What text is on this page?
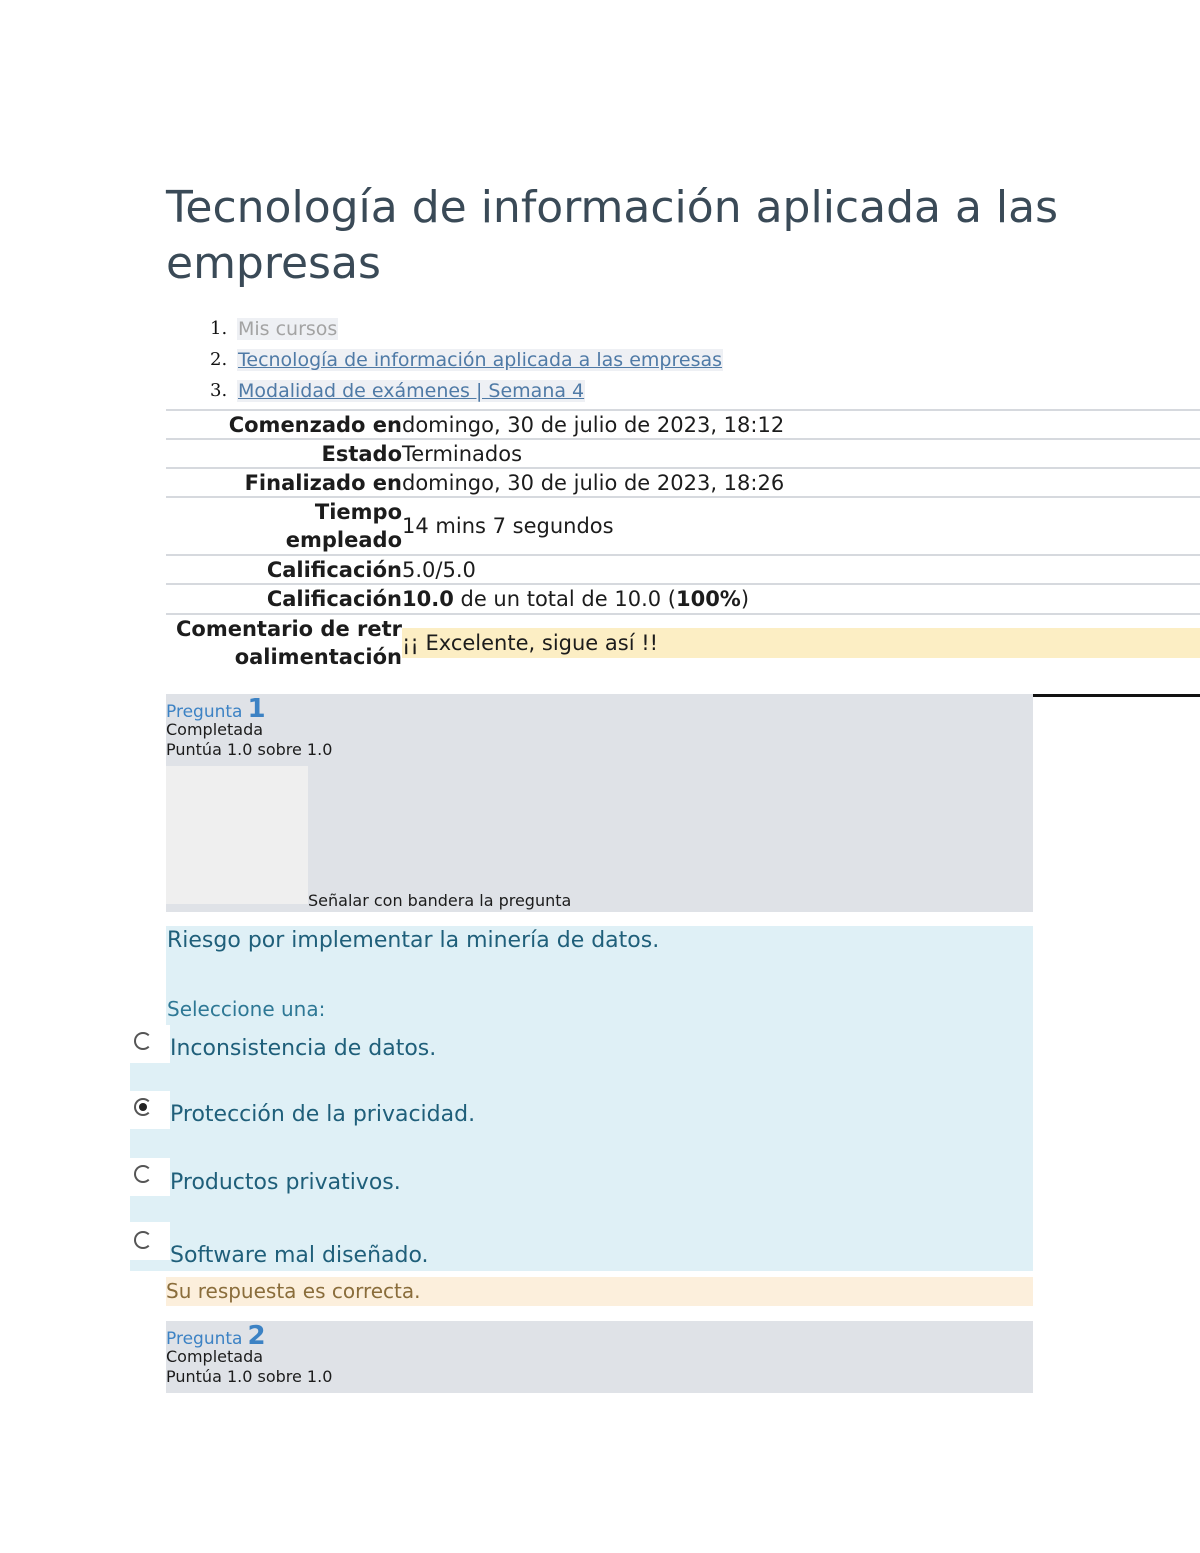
Tecnología de información aplicada a las empresas
1. Mis cursos
2. Tecnología de información aplicada a las empresas
3. Modalidad de exámenes | Semana 4
Comenzado en domingo, 30 de julio de 2023, 18:12
Estado Terminados
Finalizado en domingo, 30 de julio de 2023, 18:26
Tiempo empleado
14 mins 7 segundos
Calificación 5.0/5.0
Calificación 10.0 de un total de 10.0 ( 100% )
Comentario de retroalimentación
¡¡ Excelente, sigue así !!
Pregunta 1
Completada
Puntúa 1.0 sobre 1.0
Señalar con bandera la pregunta
Riesgo por implementar la minería de datos.
Seleccione una:
Inconsistencia de datos.
Protección de la privacidad.
Productos privativos.
Software mal diseñado.
Su respuesta es correcta.
Pregunta 2
Completada
Puntúa 1.0 sobre 1.0
